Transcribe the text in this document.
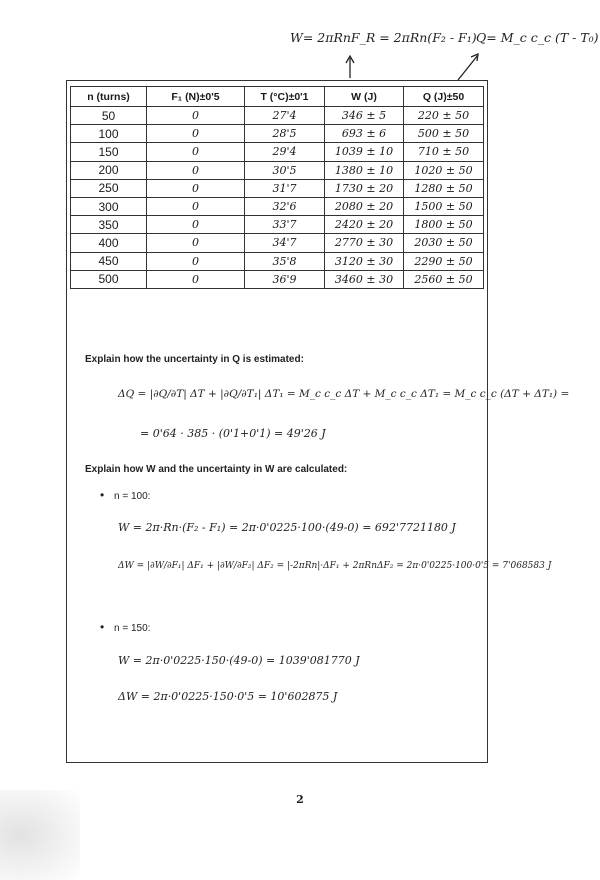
W= 2πRnF_R = 2πRn(F₂ - F₁) Q= M_c c_c (T - T₀)
n (turns)	F₁ (N)±0'5	T (°C)±0'1	W (J)	Q (J)±50
50	0	27'4	346 ± 5	220 ± 50
100	0	28'5	693 ± 6	500 ± 50
150	0	29'4	1039 ± 10	710 ± 50
200	0	30'5	1380 ± 10	1020 ± 50
250	0	31'7	1730 ± 20	1280 ± 50
300	0	32'6	2080 ± 20	1500 ± 50
350	0	33'7	2420 ± 20	1800 ± 50
400	0	34'7	2770 ± 30	2030 ± 50
450	0	35'8	3120 ± 30	2290 ± 50
500	0	36'9	3460 ± 30	2560 ± 50
Explain how the uncertainty in Q is estimated:
ΔQ = |∂Q/∂T| ΔT + |∂Q/∂T₁| ΔT₁ = M_c c_c ΔT + M_c c_c ΔT₁ = M_c c_c (ΔT + ΔT₁) =
= 0'64 · 385 · (0'1+0'1) = 49'26 J
Explain how W and the uncertainty in W are calculated:
• n = 100:
W = 2π·Rn·(F₂ - F₁) = 2π·0'0225·100·(49-0) = 692'7721180 J
ΔW = |∂W/∂F₁| ΔF₁ + |∂W/∂F₂| ΔF₂ = |-2πRn|·ΔF₁ + 2πRnΔF₂ = 2π·0'0225·100·0'5 = 7'068583 J
• n = 150:
W = 2π·0'0225·150·(49-0) = 1039'081770 J
ΔW = 2π·0'0225·150·0'5 = 10'602875 J
2
